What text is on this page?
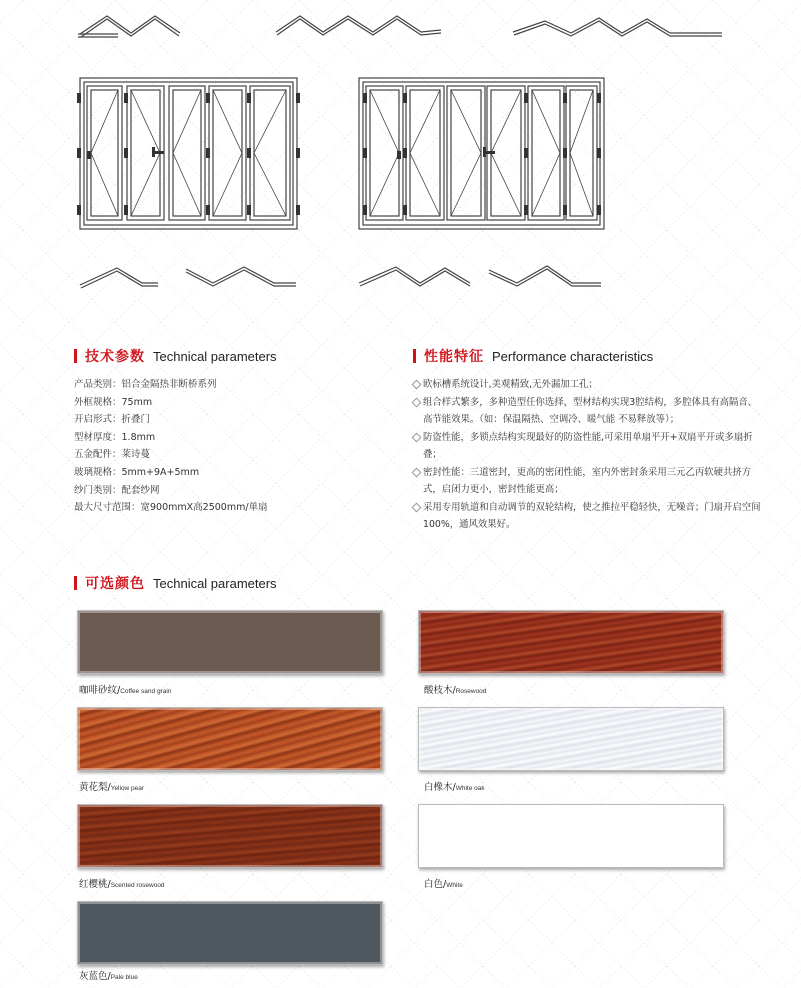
技术参数 Technical parameters
产品类别：铝合金隔热非断桥系列
外框规格：75mm
开启形式：折叠门
型材厚度：1.8mm
五金配件：莱诗蔓
玻璃规格：5mm+9A+5mm
纱门类别：配套纱网
最大尺寸范围：宽900mmX高2500mm/单扇
性能特征 Performance characteristics
欧标槽系统设计,美观精致,无外漏加工孔；
组合样式繁多，多种造型任你选择，型材结构实现3腔结构，多腔体具有高隔音、高节能效果。（如：保温隔热、空调冷、暖气能 不易释放等）；
防盗性能，多锁点结构实现最好的防盗性能,可采用单扇平开+双扇平开或多扇折叠；
密封性能：三道密封，更高的密闭性能，室内外密封条采用三元乙丙软硬共挤方式，启闭力更小，密封性能更高；
采用专用轨道和自动调节的双轮结构，使之推拉平稳轻快，无噪音；门扇开启空间100%，通风效果好。
可选颜色 Technical parameters
咖啡砂纹/Coffee sand grain	酸枝木/Rosewood
黄花梨/Yellow pear	白橡木/White oak
红樱桃/Scented rosewood	白色/White
灰蓝色/Pale blue
